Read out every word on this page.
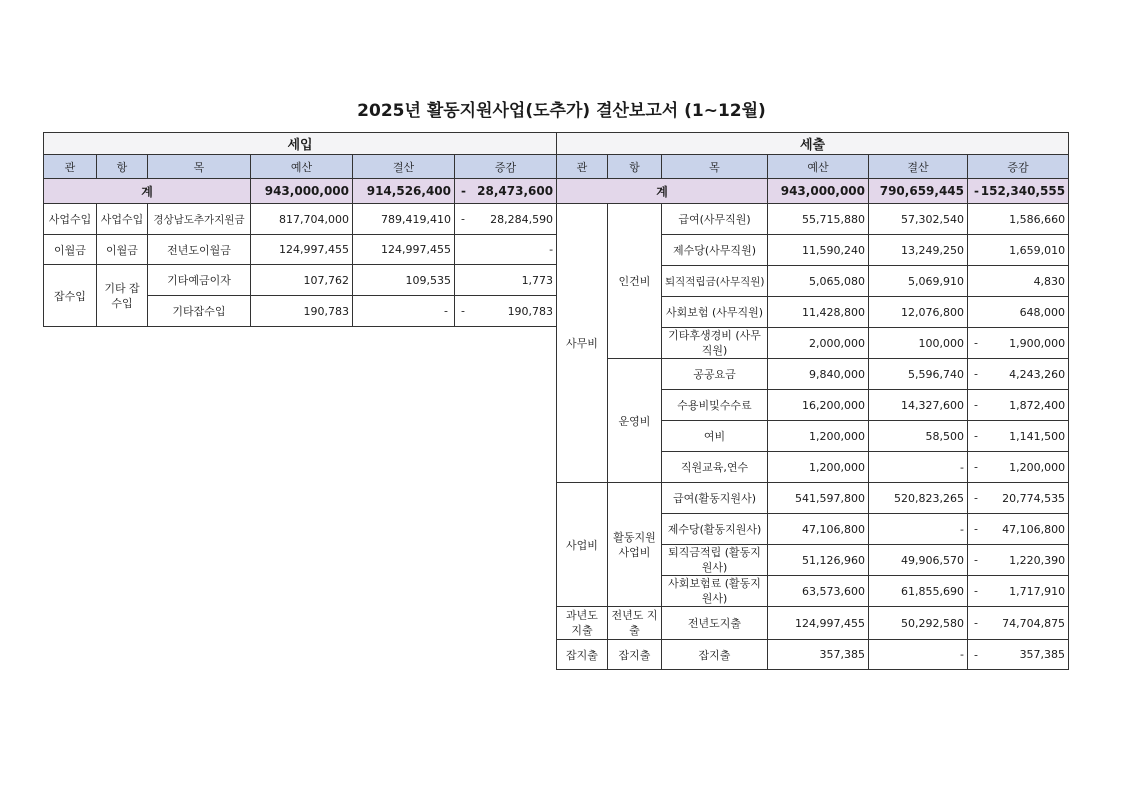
2025년 활동지원사업(도추가) 결산보고서 (1~12월)
세입					
관	항	목	예산	결산	증감
계			943,000,000	914,526,400	- 28,473,600

사업수입	사업수입	경상남도추가지원금	817,704,000	789,419,410	- 28,284,590

이월금	이월금	전년도이월금	124,997,455	124,997,455	-

잡수입	기타 잡수입	기타예금이자	107,762	109,535	1,773

		기타잡수입	190,783	-	- 190,783
세출					
관	항	목	예산	결산	증감
계			943,000,000	790,659,445	- 152,340,555

사무비	인건비	급여(사무직원)	55,715,880	57,302,540	1,586,660

		제수당(사무직원)	11,590,240	13,249,250	1,659,010

		퇴직적립금(사무직원)	5,065,080	5,069,910	4,830

		사회보험 (사무직원)	11,428,800	12,076,800	648,000

		기타후생경비 (사무직원)	2,000,000	100,000	- 1,900,000

	운영비	공공요금	9,840,000	5,596,740	- 4,243,260

		수용비및수수료	16,200,000	14,327,600	- 1,872,400

		여비	1,200,000	58,500	- 1,141,500

		직원교육,연수	1,200,000	-	- 1,200,000

사업비	활동지원 사업비	급여(활동지원사)	541,597,800	520,823,265	- 20,774,535

		제수당(활동지원사)	47,106,800	-	- 47,106,800

		퇴직금적립 (활동지원사)	51,126,960	49,906,570	- 1,220,390

		사회보험료 (활동지원사)	63,573,600	61,855,690	- 1,717,910

과년도 지출	전년도 지출	전년도지출	124,997,455	50,292,580	- 74,704,875

잡지출	잡지출	잡지출	357,385	-	- 357,385
